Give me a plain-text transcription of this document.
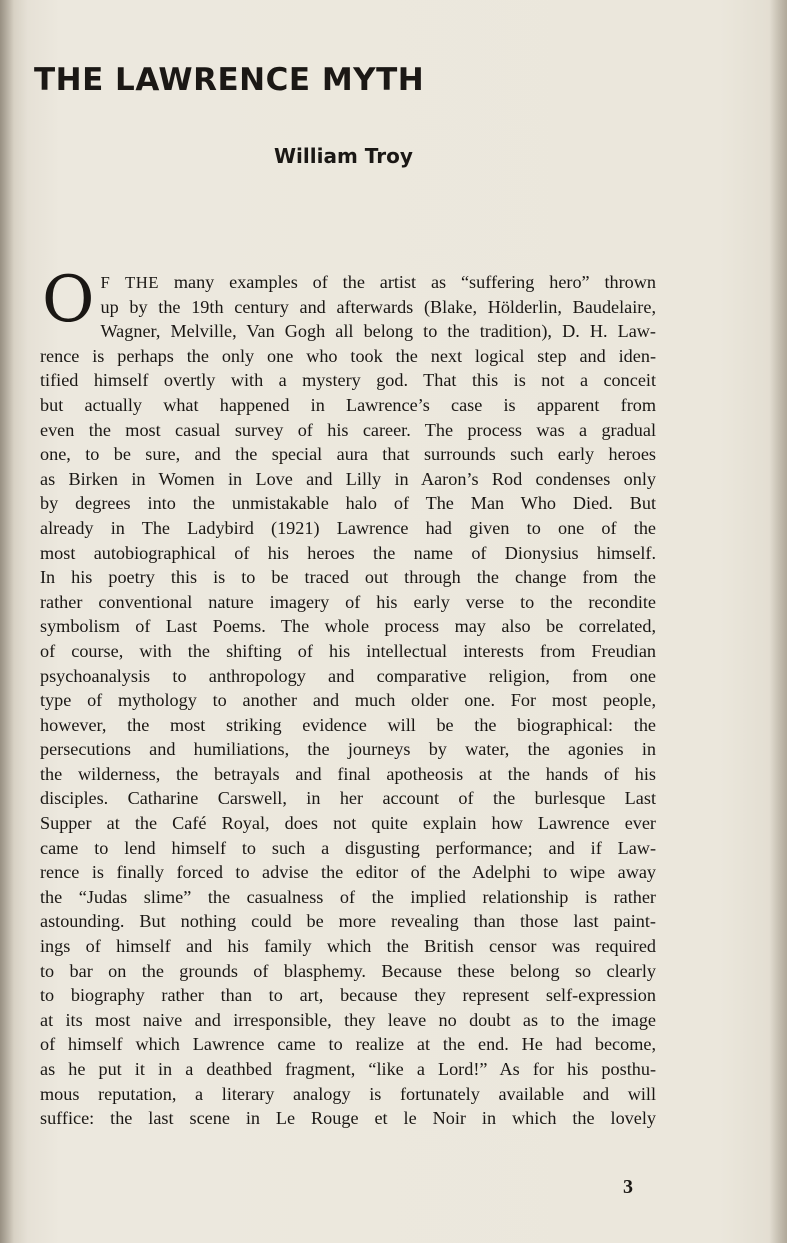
THE LAWRENCE MYTH
William Troy
O F THE many examples of the artist as “suffering hero” thrown
up by the 19th century and afterwards (Blake, Hölderlin, Baudelaire,
Wagner, Melville, Van Gogh all belong to the tradition), D. H. Law-
rence is perhaps the only one who took the next logical step and iden-
tified himself overtly with a mystery god. That this is not a conceit
but actually what happened in Lawrence’s case is apparent from
even the most casual survey of his career. The process was a gradual
one, to be sure, and the special aura that surrounds such early heroes
as Birken in Women in Love and Lilly in Aaron’s Rod condenses only
by degrees into the unmistakable halo of The Man Who Died. But
already in The Ladybird (1921) Lawrence had given to one of the
most autobiographical of his heroes the name of Dionysius himself.
In his poetry this is to be traced out through the change from the
rather conventional nature imagery of his early verse to the recondite
symbolism of Last Poems. The whole process may also be correlated,
of course, with the shifting of his intellectual interests from Freudian
psychoanalysis to anthropology and comparative religion, from one
type of mythology to another and much older one. For most people,
however, the most striking evidence will be the biographical: the
persecutions and humiliations, the journeys by water, the agonies in
the wilderness, the betrayals and final apotheosis at the hands of his
disciples. Catharine Carswell, in her account of the burlesque Last
Supper at the Café Royal, does not quite explain how Lawrence ever
came to lend himself to such a disgusting performance; and if Law-
rence is finally forced to advise the editor of the Adelphi to wipe away
the “Judas slime” the casualness of the implied relationship is rather
astounding. But nothing could be more revealing than those last paint-
ings of himself and his family which the British censor was required
to bar on the grounds of blasphemy. Because these belong so clearly
to biography rather than to art, because they represent self-expression
at its most naive and irresponsible, they leave no doubt as to the image
of himself which Lawrence came to realize at the end. He had become,
as he put it in a deathbed fragment, “like a Lord!” As for his posthu-
mous reputation, a literary analogy is fortunately available and will
suffice: the last scene in Le Rouge et le Noir in which the lovely
3
